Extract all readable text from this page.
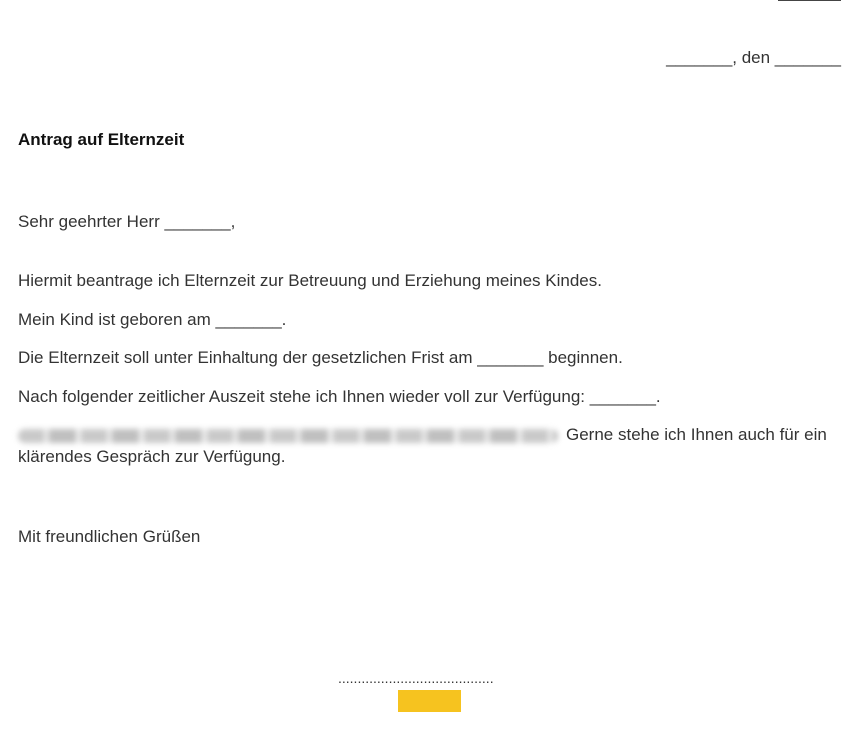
_______, den _______
Antrag auf Elternzeit
Sehr geehrter Herr _______,
Hiermit beantrage ich Elternzeit zur Betreuung und Erziehung meines Kindes.
Mein Kind ist geboren am _______.
Die Elternzeit soll unter Einhaltung der gesetzlichen Frist am _______ beginnen.
Nach folgender zeitlicher Auszeit stehe ich Ihnen wieder voll zur Verfügung: _______.
Gerne stehe ich Ihnen auch für ein klärendes Gespräch zur Verfügung.
Mit freundlichen Grüßen
........................................
